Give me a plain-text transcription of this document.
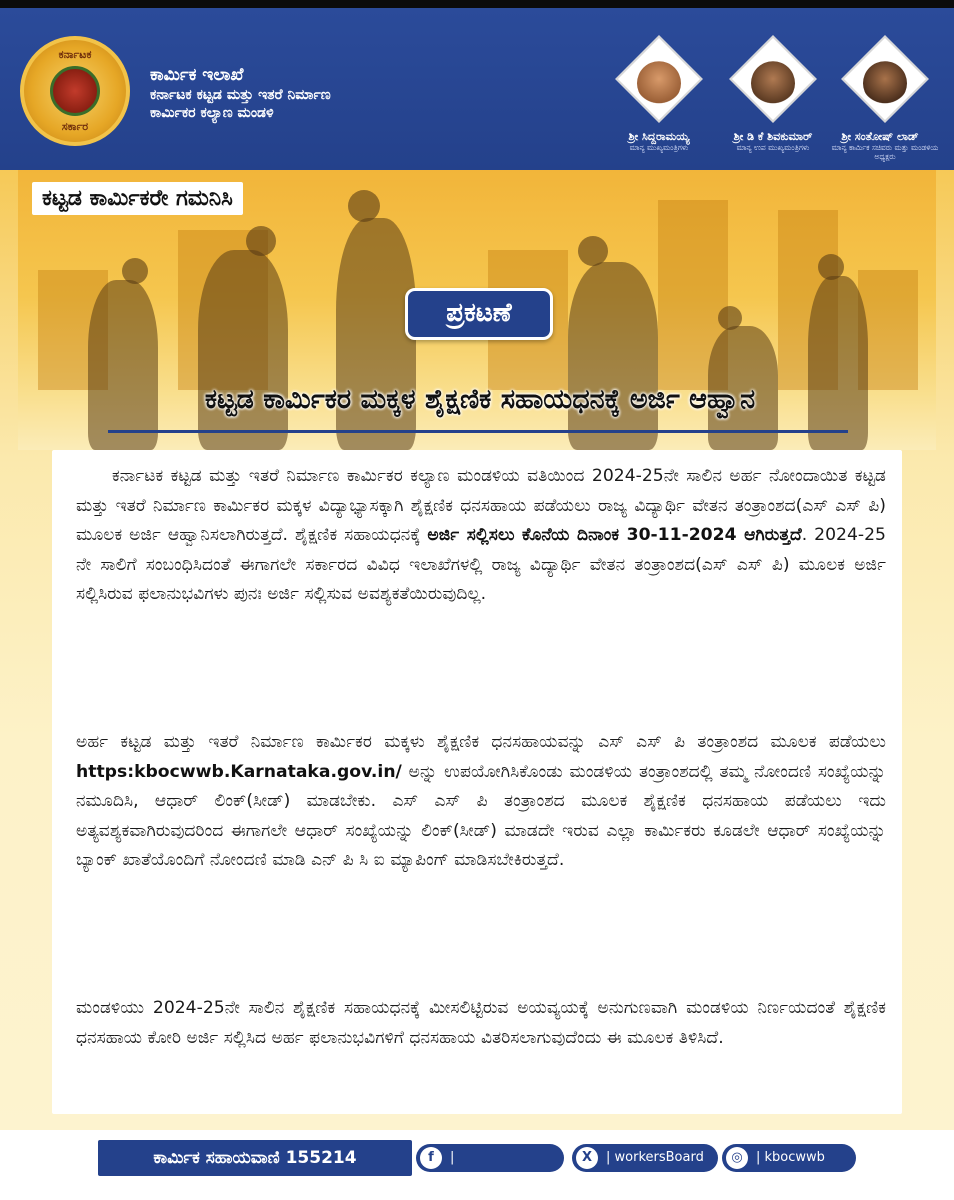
ಕರ್ನಾಟಕ
ಸರ್ಕಾರ
ಕಾರ್ಮಿಕ ಇಲಾಖೆ
ಕರ್ನಾಟಕ ಕಟ್ಟಡ ಮತ್ತು ಇತರೆ ನಿರ್ಮಾಣ
ಕಾರ್ಮಿಕರ ಕಲ್ಯಾಣ ಮಂಡಳಿ
ಶ್ರೀ ಸಿದ್ದರಾಮಯ್ಯ
ಮಾನ್ಯ ಮುಖ್ಯಮಂತ್ರಿಗಳು
ಶ್ರೀ ಡಿ ಕೆ ಶಿವಕುಮಾರ್
ಮಾನ್ಯ ಉಪ ಮುಖ್ಯಮಂತ್ರಿಗಳು
ಶ್ರೀ ಸಂತೋಷ್ ಲಾಡ್
ಮಾನ್ಯ ಕಾರ್ಮಿಕ ಸಚಿವರು ಮತ್ತು ಮಂಡಳಿಯ ಅಧ್ಯಕ್ಷರು
ಕಟ್ಟಡ ಕಾರ್ಮಿಕರೇ ಗಮನಿಸಿ
ಪ್ರಕಟಣೆ
ಕಟ್ಟಡ ಕಾರ್ಮಿಕರ ಮಕ್ಕಳ ಶೈಕ್ಷಣಿಕ ಸಹಾಯಧನಕ್ಕೆ ಅರ್ಜಿ ಆಹ್ವಾನ
ಕರ್ನಾಟಕ ಕಟ್ಟಡ ಮತ್ತು ಇತರೆ ನಿರ್ಮಾಣ ಕಾರ್ಮಿಕರ ಕಲ್ಯಾಣ ಮಂಡಳಿಯ ವತಿಯಿಂದ 2024-25ನೇ ಸಾಲಿನ ಅರ್ಹ ನೋಂದಾಯಿತ ಕಟ್ಟಡ ಮತ್ತು ಇತರೆ ನಿರ್ಮಾಣ ಕಾರ್ಮಿಕರ ಮಕ್ಕಳ ವಿದ್ಯಾಭ್ಯಾಸಕ್ಕಾಗಿ ಶೈಕ್ಷಣಿಕ ಧನಸಹಾಯ ಪಡೆಯಲು ರಾಜ್ಯ ವಿದ್ಯಾರ್ಥಿ ವೇತನ ತಂತ್ರಾಂಶದ(ಎಸ್ ಎಸ್ ಪಿ) ಮೂಲಕ ಅರ್ಜಿ ಆಹ್ವಾನಿಸಲಾಗಿರುತ್ತದೆ. ಶೈಕ್ಷಣಿಕ ಸಹಾಯಧನಕ್ಕೆ ಅರ್ಜಿ ಸಲ್ಲಿಸಲು ಕೊನೆಯ ದಿನಾಂಕ 30-11-2024 ಆಗಿರುತ್ತದೆ. 2024-25 ನೇ ಸಾಲಿಗೆ ಸಂಬಂಧಿಸಿದಂತೆ ಈಗಾಗಲೇ ಸರ್ಕಾರದ ವಿವಿಧ ಇಲಾಖೆಗಳಲ್ಲಿ ರಾಜ್ಯ ವಿದ್ಯಾರ್ಥಿ ವೇತನ ತಂತ್ರಾಂಶದ(ಎಸ್ ಎಸ್ ಪಿ) ಮೂಲಕ ಅರ್ಜಿ ಸಲ್ಲಿಸಿರುವ ಫಲಾನುಭವಿಗಳು ಪುನಃ ಅರ್ಜಿ ಸಲ್ಲಿಸುವ ಅವಶ್ಯಕತೆಯಿರುವುದಿಲ್ಲ.
ಅರ್ಹ ಕಟ್ಟಡ ಮತ್ತು ಇತರೆ ನಿರ್ಮಾಣ ಕಾರ್ಮಿಕರ ಮಕ್ಕಳು ಶೈಕ್ಷಣಿಕ ಧನಸಹಾಯವನ್ನು ಎಸ್ ಎಸ್ ಪಿ ತಂತ್ರಾಂಶದ ಮೂಲಕ ಪಡೆಯಲು https:kbocwwb.Karnataka.gov.in/ ಅನ್ನು ಉಪಯೋಗಿಸಿಕೊಂಡು ಮಂಡಳಿಯ ತಂತ್ರಾಂಶದಲ್ಲಿ ತಮ್ಮ ನೋಂದಣಿ ಸಂಖ್ಯೆಯನ್ನು ನಮೂದಿಸಿ, ಆಧಾರ್ ಲಿಂಕ್(ಸೀಡ್) ಮಾಡಬೇಕು. ಎಸ್ ಎಸ್ ಪಿ ತಂತ್ರಾಂಶದ ಮೂಲಕ ಶೈಕ್ಷಣಿಕ ಧನಸಹಾಯ ಪಡೆಯಲು ಇದು ಅತ್ಯವಶ್ಯಕವಾಗಿರುವುದರಿಂದ ಈಗಾಗಲೇ ಆಧಾರ್ ಸಂಖ್ಯೆಯನ್ನು ಲಿಂಕ್(ಸೀಡ್) ಮಾಡದೇ ಇರುವ ಎಲ್ಲಾ ಕಾರ್ಮಿಕರು ಕೂಡಲೇ ಆಧಾರ್ ಸಂಖ್ಯೆಯನ್ನು ಬ್ಯಾಂಕ್ ಖಾತೆಯೊಂದಿಗೆ ನೋಂದಣಿ ಮಾಡಿ ಎನ್ ಪಿ ಸಿ ಐ ಮ್ಯಾಪಿಂಗ್ ಮಾಡಿಸಬೇಕಿರುತ್ತದೆ.
ಮಂಡಳಿಯು 2024-25ನೇ ಸಾಲಿನ ಶೈಕ್ಷಣಿಕ ಸಹಾಯಧನಕ್ಕೆ ಮೀಸಲಿಟ್ಟಿರುವ ಅಯವ್ಯಯಕ್ಕೆ ಅನುಗುಣವಾಗಿ ಮಂಡಳಿಯ ನಿರ್ಣಯದಂತೆ ಶೈಕ್ಷಣಿಕ ಧನಸಹಾಯ ಕೋರಿ ಅರ್ಜಿ ಸಲ್ಲಿಸಿದ ಅರ್ಹ ಫಲಾನುಭವಿಗಳಿಗೆ ಧನಸಹಾಯ ವಿತರಿಸಲಾಗುವುದೆಂದು ಈ ಮೂಲಕ ತಿಳಿಸಿದೆ.
ಕಾರ್ಮಿಕ ಸಹಾಯವಾಣಿ 155214	f	| workerswelfare
X	| workersBoard	◎	| kbocwwb
